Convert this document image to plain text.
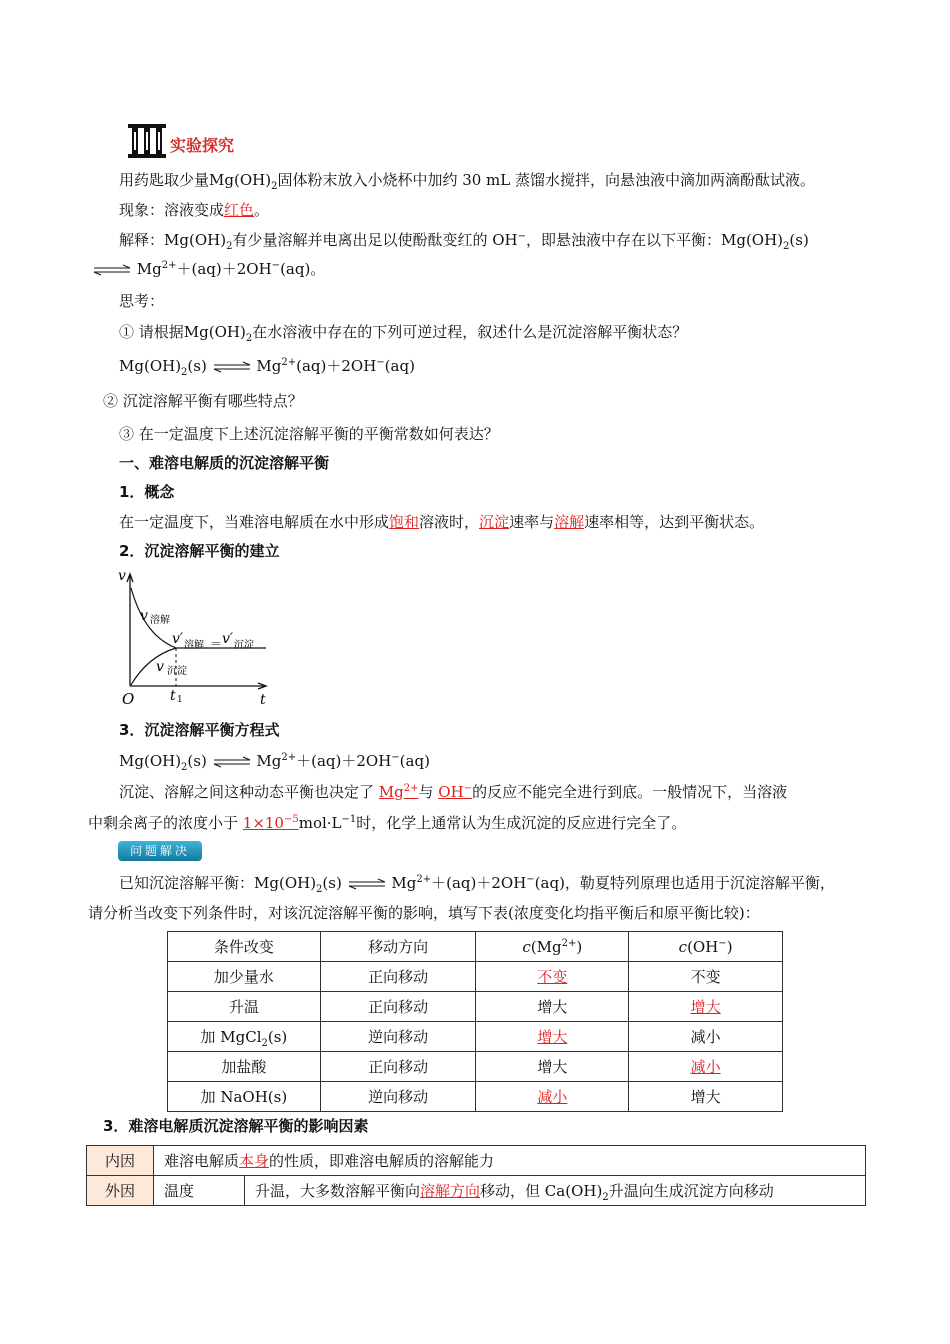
实验探究
用药匙取少量$Mg(OH)_2$固体粉末放入小烧杯中加约 30 mL 蒸馏水搅拌，向悬浊液中滴加两滴酚酞试液。
现象：溶液变成红色。
解释：$Mg(OH)_2$有少量溶解并电离出足以使酚酞变红的 OH−，即悬浊液中存在以下平衡：$Mg(OH)_2(s)$
⇌ $Mg^{2+}+(aq)+2OH^-(aq)$。
思考：
① 请根据$Mg(OH)_2$在水溶液中存在的下列可逆过程，叙述什么是沉淀溶解平衡状态？
$Mg(OH)_2(s)$ ⇌ $Mg^{2+}(aq)+2OH^-(aq)$
② 沉淀溶解平衡有哪些特点？
③ 在一定温度下上述沉淀溶解平衡的平衡常数如何表达？
一、难溶电解质的沉淀溶解平衡
1．概念
在一定温度下，当难溶电解质在水中形成饱和溶液时，沉淀速率与溶解速率相等，达到平衡状态。
2．沉淀溶解平衡的建立
v
t
O
v 溶解
v′ 溶解 ＝ v′ 沉淀
v 沉淀
t 1
3．沉淀溶解平衡方程式
$Mg(OH)_2(s)$ ⇌ $Mg^{2+}+(aq)+2OH^-(aq)$
沉淀、溶解之间这种动态平衡也决定了 $Mg^{2+}$与 OH−的反应不能完全进行到底。一般情况下，当溶液
中剩余离子的浓度小于 $1\times 10^{-5}mol\cdot L^{-1}$时，化学上通常认为生成沉淀的反应进行完全了。
问题解决
已知沉淀溶解平衡：$Mg(OH)_2(s)$ ⇌ $Mg^{2+}+(aq)+2OH^-(aq)$，勒夏特列原理也适用于沉淀溶解平衡，
请分析当改变下列条件时，对该沉淀溶解平衡的影响，填写下表(浓度变化均指平衡后和原平衡比较)：
条件改变	移动方向	$c(Mg^{2+})$	c(OH−)
加少量水	正向移动	不变	不变
升温	正向移动	增大	增大
加 MgCl$_2$(s)	逆向移动	增大	减小
加盐酸	正向移动	增大	减小
加 NaOH(s)	逆向移动	减小	增大
3．难溶电解质沉淀溶解平衡的影响因素
内因	难溶电解质本身的性质，即难溶电解质的溶解能力	
外因	温度	升温，大多数溶解平衡向溶解方向移动，但 $Ca(OH)_2$升温向生成沉淀方向移动
